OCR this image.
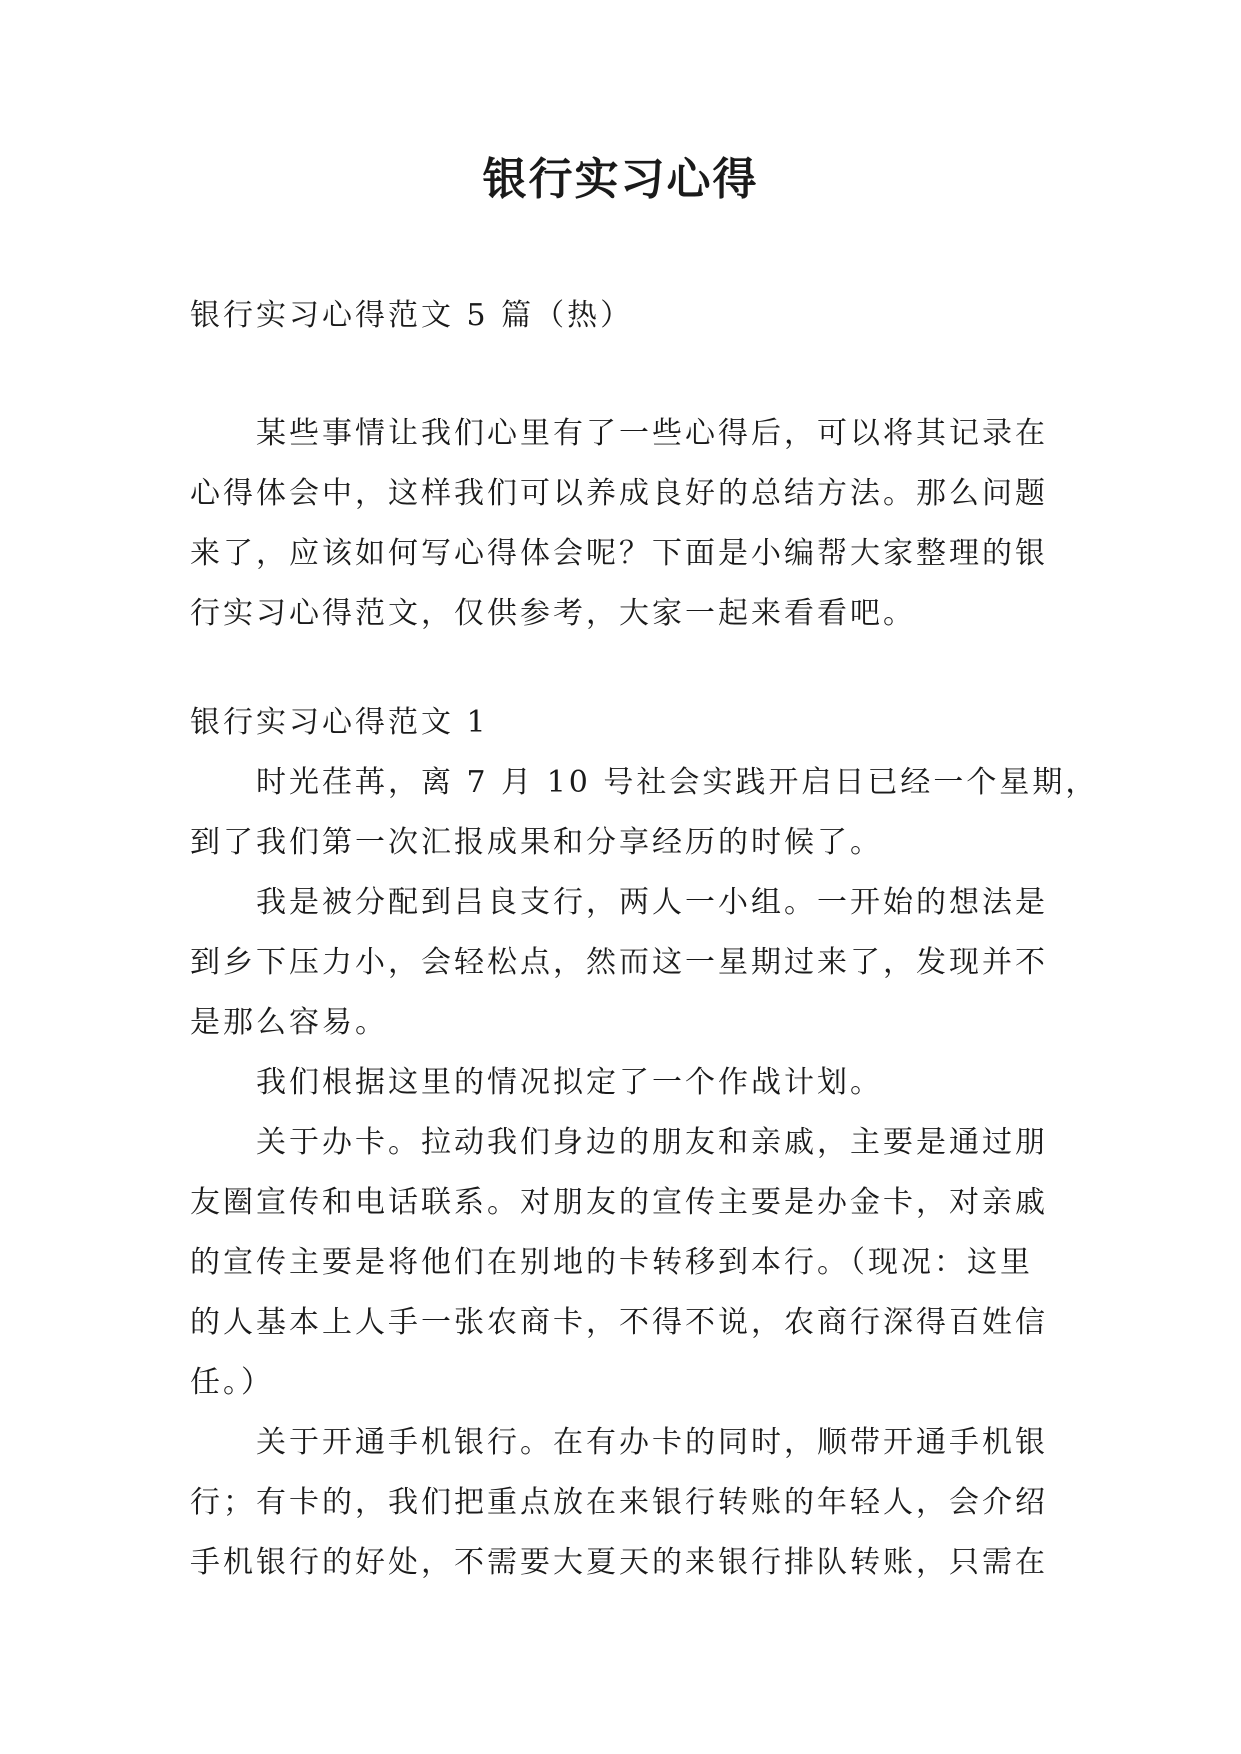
银行实习心得
银行实习心得范文 5 篇（热）
　　某些事情让我们心里有了一些心得后，可以将其记录在
心得体会中，这样我们可以养成良好的总结方法。那么问题
来了，应该如何写心得体会呢？下面是小编帮大家整理的银
行实习心得范文，仅供参考，大家一起来看看吧。
银行实习心得范文 1
　　时光荏苒，离 7 月 10 号社会实践开启日已经一个星期，
到了我们第一次汇报成果和分享经历的时候了。
　　我是被分配到吕良支行，两人一小组。一开始的想法是
到乡下压力小，会轻松点，然而这一星期过来了，发现并不
是那么容易。
　　我们根据这里的情况拟定了一个作战计划。
　　关于办卡。拉动我们身边的朋友和亲戚，主要是通过朋
友圈宣传和电话联系。对朋友的宣传主要是办金卡，对亲戚
的宣传主要是将他们在别地的卡转移到本行。（现况：这里
的人基本上人手一张农商卡，不得不说，农商行深得百姓信
任。）
　　关于开通手机银行。在有办卡的同时，顺带开通手机银
行；有卡的，我们把重点放在来银行转账的年轻人，会介绍
手机银行的好处，不需要大夏天的来银行排队转账，只需在
